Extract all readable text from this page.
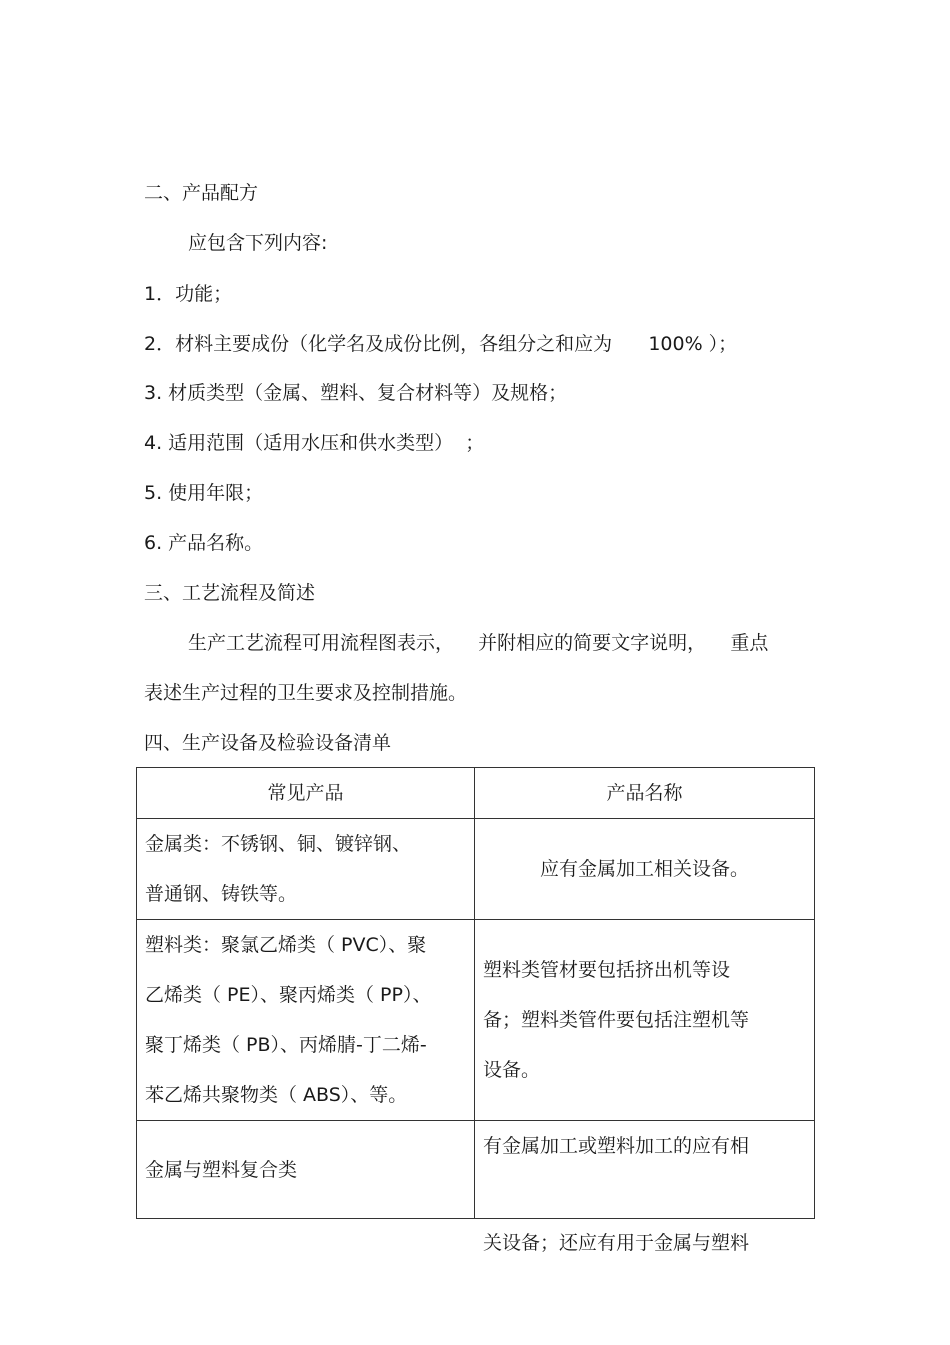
二、产品配方
应包含下列内容:
1．功能；
2．材料主要成份（化学名及成份比例，各组分之和应为      100% ）；
3. 材质类型（金属、塑料、复合材料等）及规格；
4. 适用范围（适用水压和供水类型）  ；
5. 使用年限；
6. 产品名称。
三、工艺流程及简述
生产工艺流程可用流程图表示，    并附相应的简要文字说明，    重点
表述生产过程的卫生要求及控制措施。
四、生产设备及检验设备清单
常见产品	产品名称

金属类：不锈钢、铜、镀锌钢、
普通钢、铸铁等。	应有金属加工相关设备。

塑料类：聚氯乙烯类（ PVC）、聚
乙烯类（ PE）、聚丙烯类（ PP）、
聚丁烯类（ PB）、丙烯腈-丁二烯-
苯乙烯共聚物类（ ABS）、等。	塑料类管材要包括挤出机等设
备；塑料类管件要包括注塑机等
设备。

金属与塑料复合类	有金属加工或塑料加工的应有相
关设备；还应有用于金属与塑料
